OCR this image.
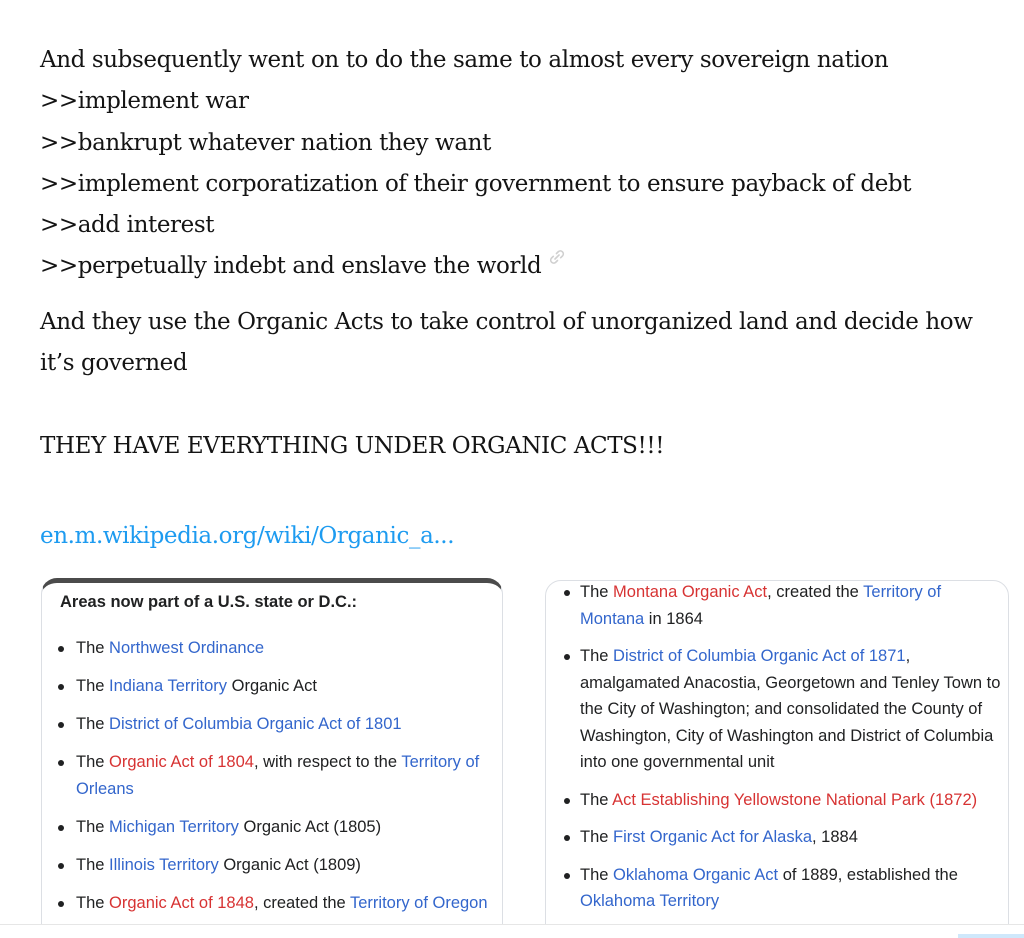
And subsequently went on to do the same to almost every sovereign nation

>>implement war

>>bankrupt whatever nation they want

>>implement corporatization of their government to ensure payback of debt

>>add interest

>>perpetually indebt and enslave the world

And they use the Organic Acts to take control of unorganized land and decide how it’s governed

THEY HAVE EVERYTHING UNDER ORGANIC ACTS!!!

en.m.wikipedia.org/wiki/Organic_a...
Areas now part of a U.S. state or D.C.:
The Northwest Ordinance
The Indiana Territory Organic Act
The District of Columbia Organic Act of 1801
The Organic Act of 1804, with respect to the Territory of Orleans
The Michigan Territory Organic Act (1805)
The Illinois Territory Organic Act (1809)
The Organic Act of 1848, created the Territory of Oregon
The Montana Organic Act, created the Territory of Montana in 1864
The District of Columbia Organic Act of 1871, amalgamated Anacostia, Georgetown and Tenley Town to the City of Washington; and consolidated the County of Washington, City of Washington and District of Columbia into one governmental unit
The Act Establishing Yellowstone National Park (1872)
The First Organic Act for Alaska, 1884
The Oklahoma Organic Act of 1889, established the Oklahoma Territory
